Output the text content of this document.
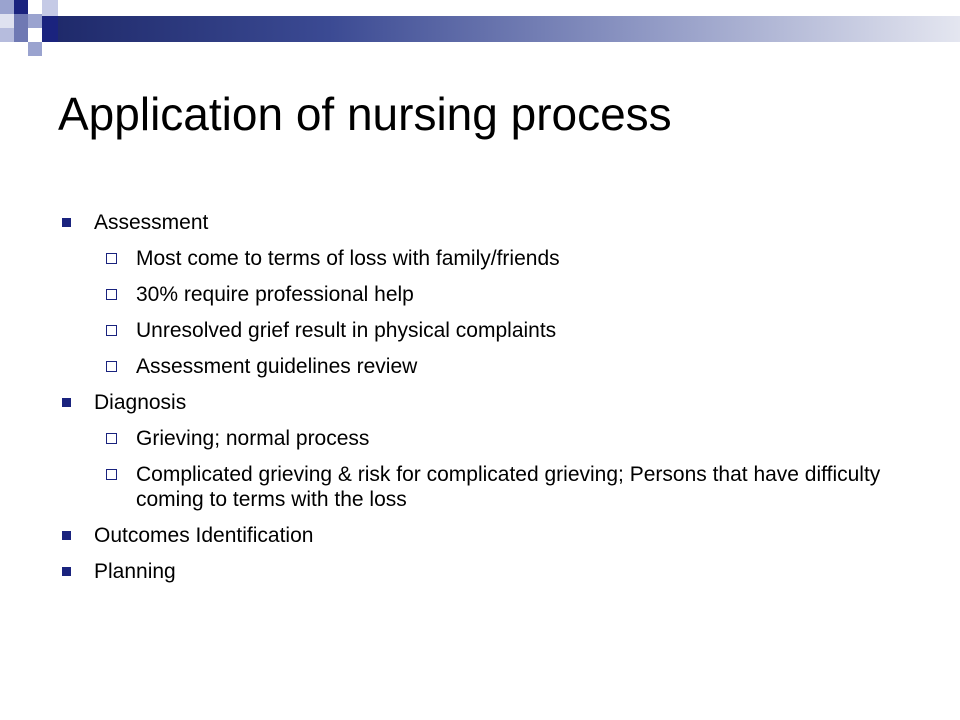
Application of nursing process
Assessment
Most come to terms of loss with family/friends
30% require professional help
Unresolved grief result in physical complaints
Assessment guidelines review
Diagnosis
Grieving; normal process
Complicated grieving & risk for complicated grieving; Persons that have difficulty coming to terms with the loss
Outcomes Identification
Planning
